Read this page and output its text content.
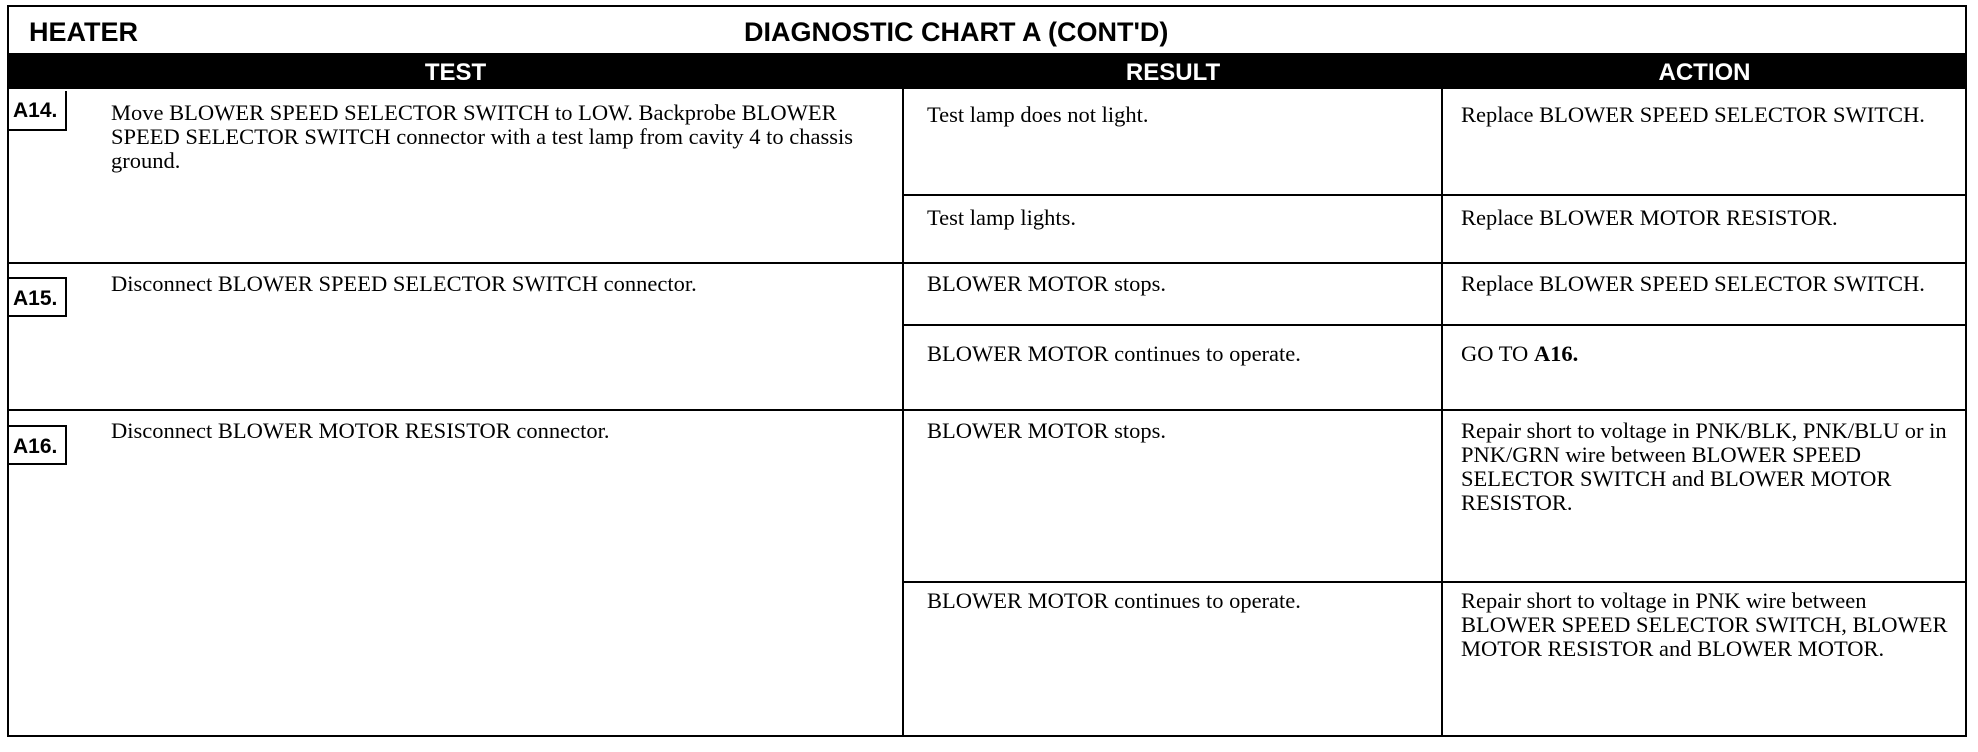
HEATER	DIAGNOSTIC CHART A (CONT'D)
TEST	RESULT	ACTION
A14.	Move BLOWER SPEED SELECTOR SWITCH to LOW. Backprobe BLOWER SPEED SELECTOR SWITCH connector with a test lamp from cavity 4 to chassis ground.
Test lamp does not light.	Replace BLOWER SPEED SELECTOR SWITCH.
Test lamp lights.	Replace BLOWER MOTOR RESISTOR.
A15.
Disconnect BLOWER SPEED SELECTOR SWITCH connector.	BLOWER MOTOR stops.	Replace BLOWER SPEED SELECTOR SWITCH.
BLOWER MOTOR continues to operate.	GO TO A16.
A16.
Disconnect BLOWER MOTOR RESISTOR connector.	BLOWER MOTOR stops.	Repair short to voltage in PNK/BLK, PNK/BLU or in PNK/GRN wire between BLOWER SPEED SELECTOR SWITCH and BLOWER MOTOR RESISTOR.
BLOWER MOTOR continues to operate.	Repair short to voltage in PNK wire between BLOWER SPEED SELECTOR SWITCH, BLOWER MOTOR RESISTOR and BLOWER MOTOR.
